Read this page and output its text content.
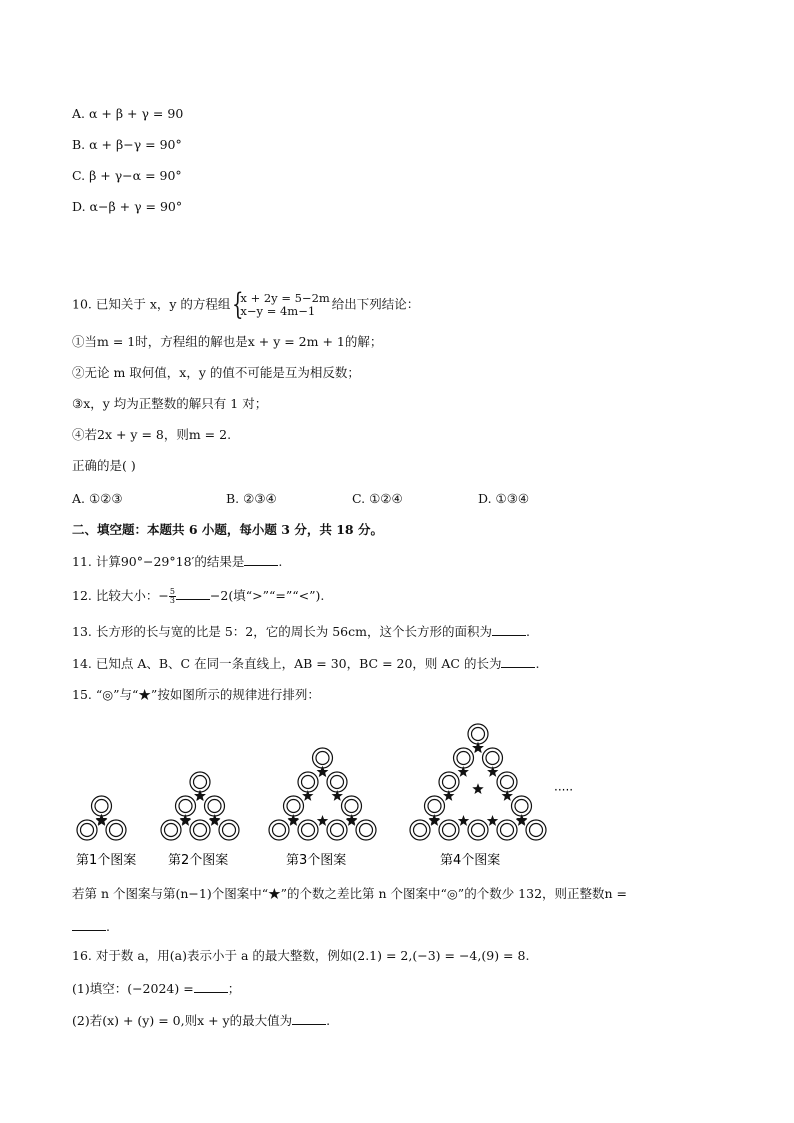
A. α + β + γ = 90
B. α + β−γ = 90°
C. β + γ−α = 90°
D. α−β + γ = 90°
10. 已知关于 x，y 的方程组 {
x + 2y = 5−2m
x−y = 4m−1	给出下列结论：
①当m = 1时，方程组的解也是x + y = 2m + 1的解；
②无论 m 取何值，x，y 的值不可能是互为相反数；
③x，y 均为正整数的解只有 1 对；
④若2x + y = 8，则m = 2.
正确的是( )
A. ①②③	B. ②③④	C. ①②④	D. ①③④
二、填空题：本题共 6 小题，每小题 3 分，共 18 分。
11. 计算90°−29°18′的结果是	.
12. 比较大小：− $\frac{5}{3}$	−2(填“>”“=”“<”).
13. 长方形的长与宽的比是 5：2，它的周长为 56cm，这个长方形的面积为	.
14. 已知点 A、B、C 在同一条直线上，AB = 30，BC = 20，则 AC 的长为	.
15. “◎”与“★”按如图所示的规律进行排列：
第1个图案 第2个图案	第3个图案	第4个图案
·····
若第 n 个图案与第(n−1)个图案中“★”的个数之差比第 n 个图案中“◎”的个数少 132，则正整数n =
.
16. 对于数 a，用(a)表示小于 a 的最大整数，例如(2.1) = 2,(−3) = −4,(9) = 8.
(1)填空：(−2024) =	；
(2)若(x) + (y) = 0,则x + y的最大值为	.
